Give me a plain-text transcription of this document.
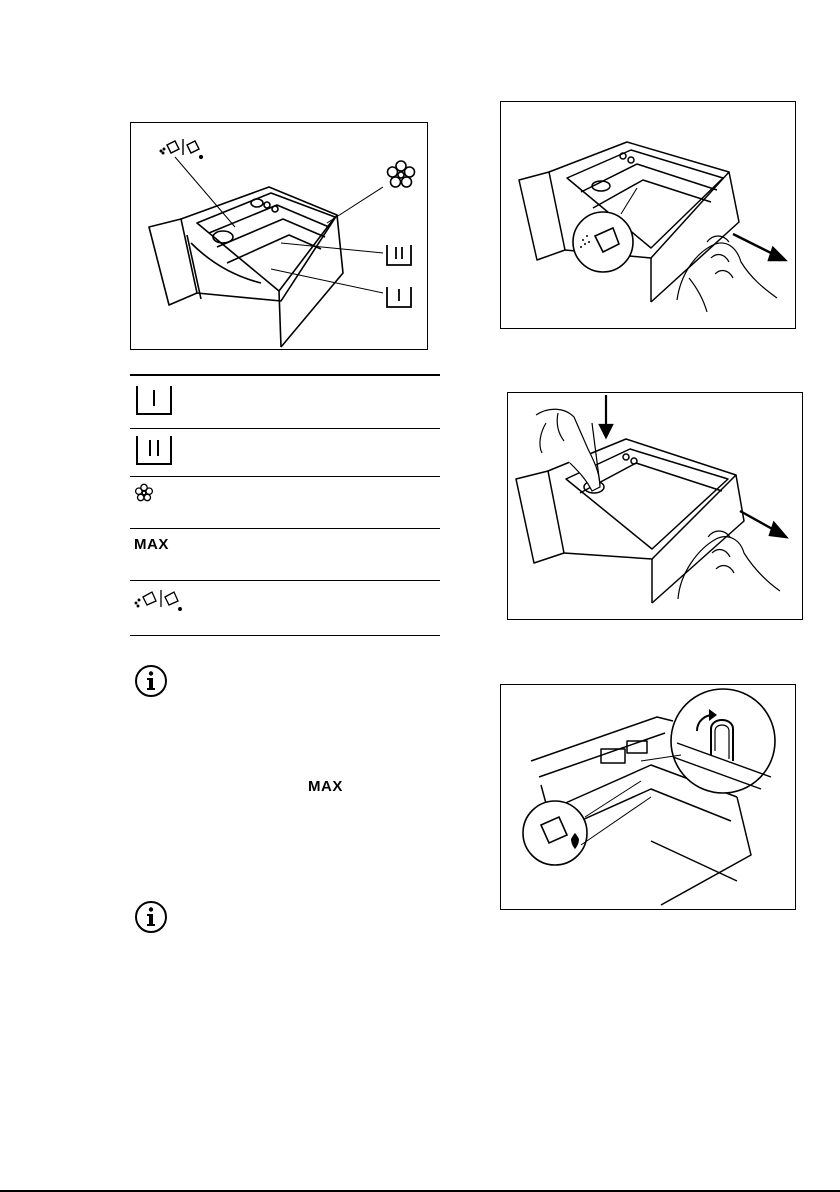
MAX
MAX
